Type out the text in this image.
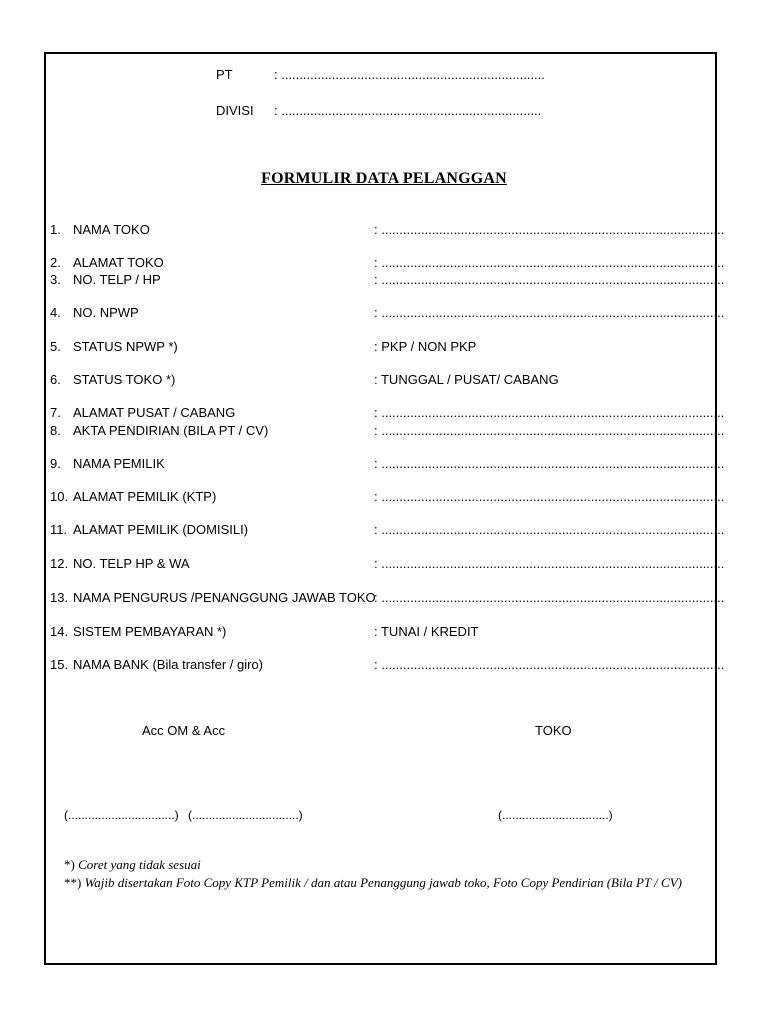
PT	: .........................................................................
DIVISI : ........................................................................
FORMULIR DATA PELANGGAN
1. NAMA TOKO	: ...............................................................................................
2. ALAMAT TOKO	: ...............................................................................................
3. NO. TELP / HP	: ...............................................................................................
4. NO. NPWP	: ...............................................................................................
5. STATUS NPWP *)	: PKP / NON PKP
6. STATUS TOKO *)	: TUNGGAL / PUSAT/ CABANG
7. ALAMAT PUSAT / CABANG	: ...............................................................................................
8. AKTA PENDIRIAN (BILA PT / CV)	: ...............................................................................................
9. NAMA PEMILIK	: ...............................................................................................
10. ALAMAT PEMILIK (KTP)	: ...............................................................................................
11. ALAMAT PEMILIK (DOMISILI)	: ...............................................................................................
12. NO. TELP HP & WA	: ...............................................................................................
13. NAMA PENGURUS /PENANGGUNG JAWAB TOKO
: ...............................................................................................
14. SISTEM PEMBAYARAN *)	: TUNAI / KREDIT
15. NAMA BANK (Bila transfer / giro)	: ...............................................................................................
Acc OM & Acc	TOKO
(................................) (................................)	(................................)
*) Coret yang tidak sesuai
**) Wajib disertakan Foto Copy KTP Pemilik / dan atau Penanggung jawab toko, Foto Copy Pendirian (Bila PT / CV)
